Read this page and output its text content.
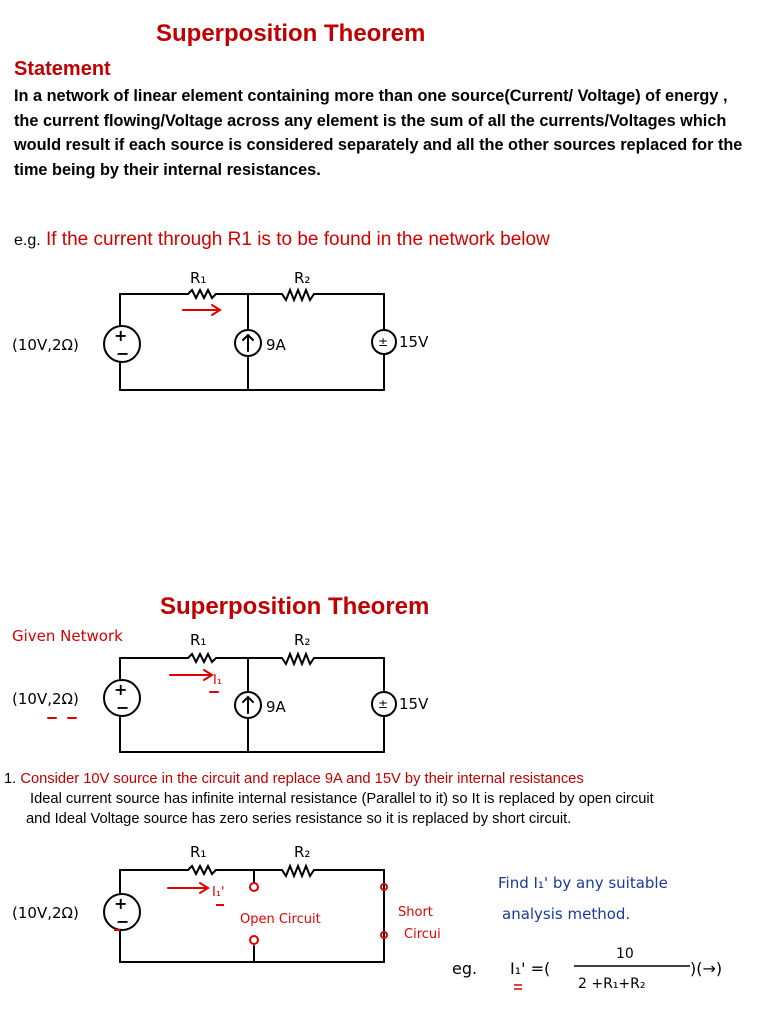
Superposition Theorem
Statement
In a network of linear element containing more than one source(Current/ Voltage) of energy , the current flowing/Voltage across any element is the sum of all the currents/Voltages which would result if each source is considered separately and all the other sources replaced for the time being by their internal resistances.
e.g. If the current through R1 is to be found in the network below
+
−
±
R₁	R₂
(10V,2Ω)	9A	15V
Superposition Theorem
Given Network
+
−	±
R₁	R₂
I₁
(10V,2Ω)	9A	15V
1. Consider 10V source in the circuit and replace 9A and 15V by their internal resistances
Ideal current source has infinite internal resistance (Parallel to it) so It is replaced by open circuit
and Ideal Voltage source has zero series resistance so it is replaced by short circuit.
+
−
R₁	R₂
I₁'
(10V,2Ω)	Open Circuit	Short
Circui
Find I₁' by any suitable
analysis method.
eg. I₁' =(
10
2 +R₁+R₂
)(→)
